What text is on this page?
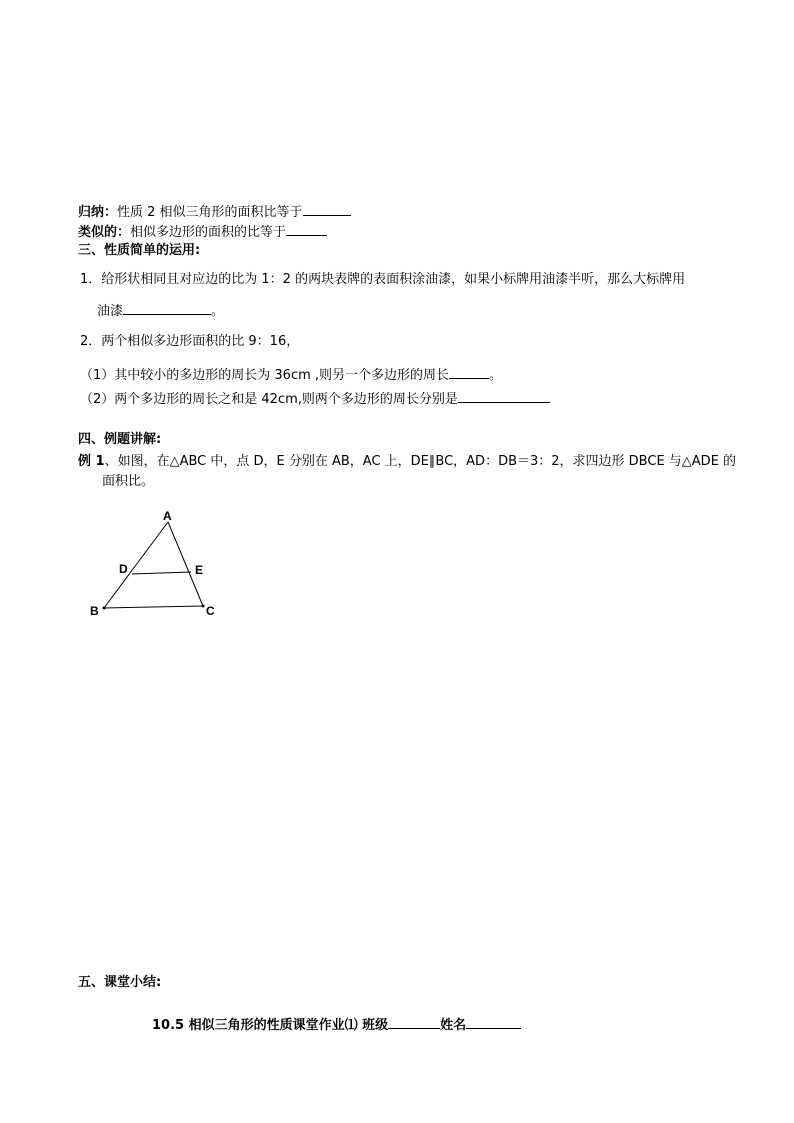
归纳：性质 2 相似三角形的面积比等于
类似的：相似多边形的面积的比等于
三、性质简单的运用:
1．给形状相同且对应边的比为 1：2 的两块表牌的表面积涂油漆，如果小标牌用油漆半听，那么大标牌用
油漆	。
2．两个相似多边形面积的比 9：16，
（1）其中较小的多边形的周长为 36cm ,则另一个多边形的周长	。
（2）两个多边形的周长之和是 42cm,则两个多边形的周长分别是
四、例题讲解:
例 1、如图，在△ABC 中，点 D，E 分别在 AB，AC 上，DE∥BC，AD：DB＝3：2，求四边形 DBCE 与△ADE 的
面积比。
A
D	E
B	C
五、课堂小结:
10.5 相似三角形的性质课堂作业⑴ 班级	姓名
